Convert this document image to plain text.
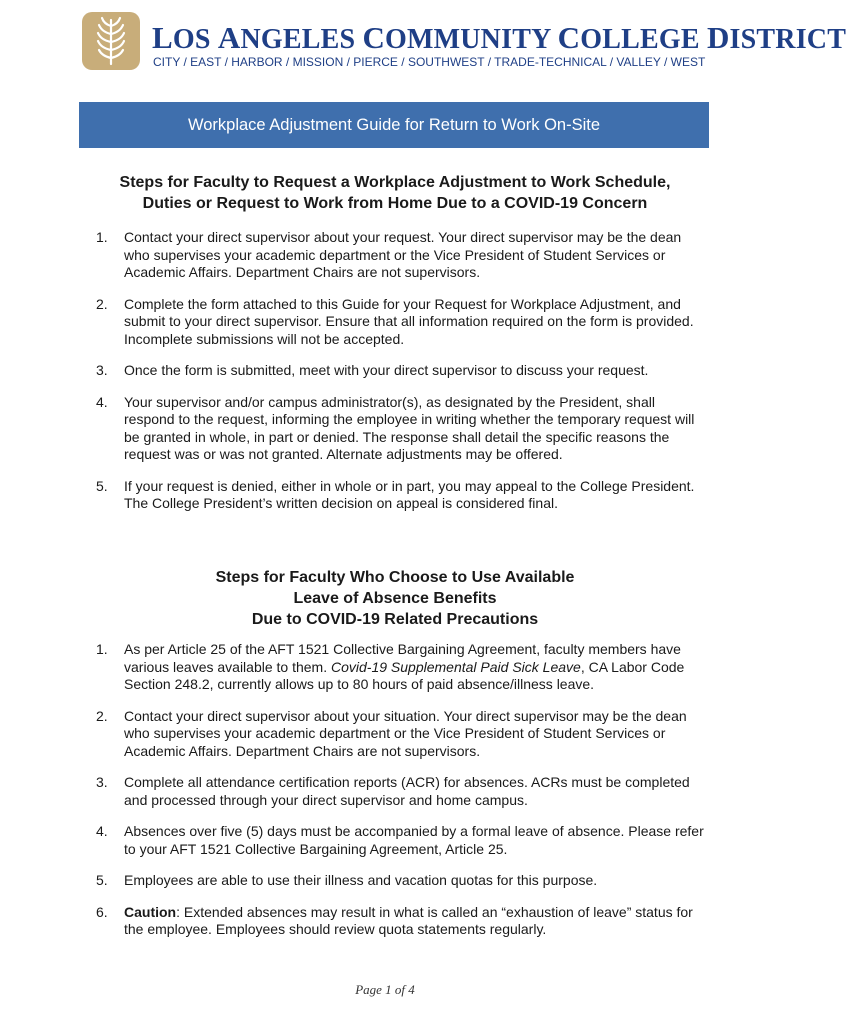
LOS ANGELES COMMUNITY COLLEGE DISTRICT
CITY / EAST / HARBOR / MISSION / PIERCE / SOUTHWEST / TRADE-TECHNICAL / VALLEY / WEST
Workplace Adjustment Guide for Return to Work On-Site
Steps for Faculty to Request a Workplace Adjustment to Work Schedule,
Duties or Request to Work from Home Due to a COVID-19 Concern
1. Contact your direct supervisor about your request. Your direct supervisor may be the dean who supervises your academic department or the Vice President of Student Services or Academic Affairs. Department Chairs are not supervisors.
2. Complete the form attached to this Guide for your Request for Workplace Adjustment, and submit to your direct supervisor. Ensure that all information required on the form is provided. Incomplete submissions will not be accepted.
3. Once the form is submitted, meet with your direct supervisor to discuss your request.
4. Your supervisor and/or campus administrator(s), as designated by the President, shall respond to the request, informing the employee in writing whether the temporary request will be granted in whole, in part or denied. The response shall detail the specific reasons the request was or was not granted. Alternate adjustments may be offered.
5. If your request is denied, either in whole or in part, you may appeal to the College President. The College President’s written decision on appeal is considered final.
Steps for Faculty Who Choose to Use Available
Leave of Absence Benefits
Due to COVID-19 Related Precautions
1. As per Article 25 of the AFT 1521 Collective Bargaining Agreement, faculty members have various leaves available to them. Covid-19 Supplemental Paid Sick Leave, CA Labor Code Section 248.2, currently allows up to 80 hours of paid absence/illness leave.
2. Contact your direct supervisor about your situation. Your direct supervisor may be the dean who supervises your academic department or the Vice President of Student Services or Academic Affairs. Department Chairs are not supervisors.
3. Complete all attendance certification reports (ACR) for absences. ACRs must be completed and processed through your direct supervisor and home campus.
4. Absences over five (5) days must be accompanied by a formal leave of absence. Please refer to your AFT 1521 Collective Bargaining Agreement, Article 25.
5. Employees are able to use their illness and vacation quotas for this purpose.
6. Caution: Extended absences may result in what is called an “exhaustion of leave” status for the employee. Employees should review quota statements regularly.
Page 1 of 4
